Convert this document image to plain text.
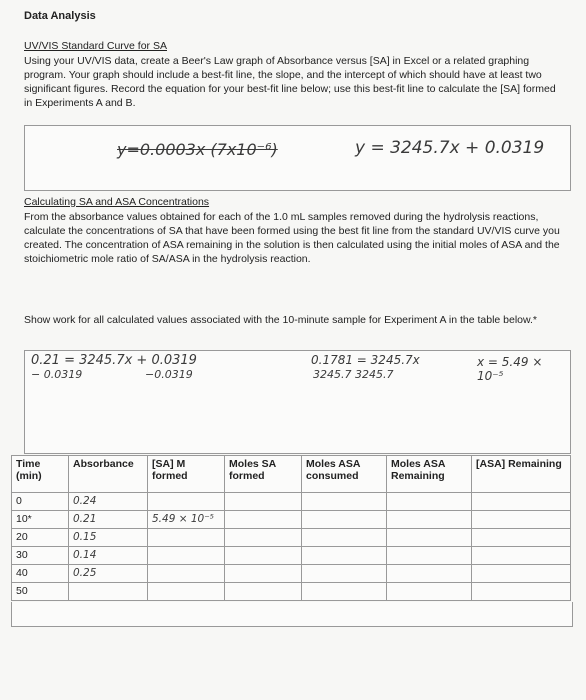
Data Analysis
UV/VIS Standard Curve for SA
Using your UV/VIS data, create a Beer's Law graph of Absorbance versus [SA] in Excel or a related graphing program. Your graph should include a best-fit line, the slope, and the intercept of which should have at least two significant figures. Record the equation for your best-fit line below; use this best-fit line to calculate the [SA] formed in Experiments A and B.
y=0.0003x (7x10⁻⁶)	y = 3245.7x + 0.0319
Calculating SA and ASA Concentrations
From the absorbance values obtained for each of the 1.0 mL samples removed during the hydrolysis reactions, calculate the concentrations of SA that have been formed using the best fit line from the standard UV/VIS curve you created. The concentration of ASA remaining in the solution is then calculated using the initial moles of ASA and the stoichiometric mole ratio of SA/ASA in the hydrolysis reaction.
Show work for all calculated values associated with the 10-minute sample for Experiment A in the table below.*
0.21 = 3245.7x + 0.0319
− 0.0319	−0.0319
0.1781 = 3245.7x
3245.7 3245.7
x = 5.49 × 10⁻⁵
Time (min)	Absorbance	[SA] M formed	Moles SA formed	Moles ASA consumed	Moles ASA Remaining	[ASA] Remaining
0	0.24					
10*	0.21	5.49 × 10⁻⁵				
20	0.15					
30	0.14					
40	0.25					
50						
